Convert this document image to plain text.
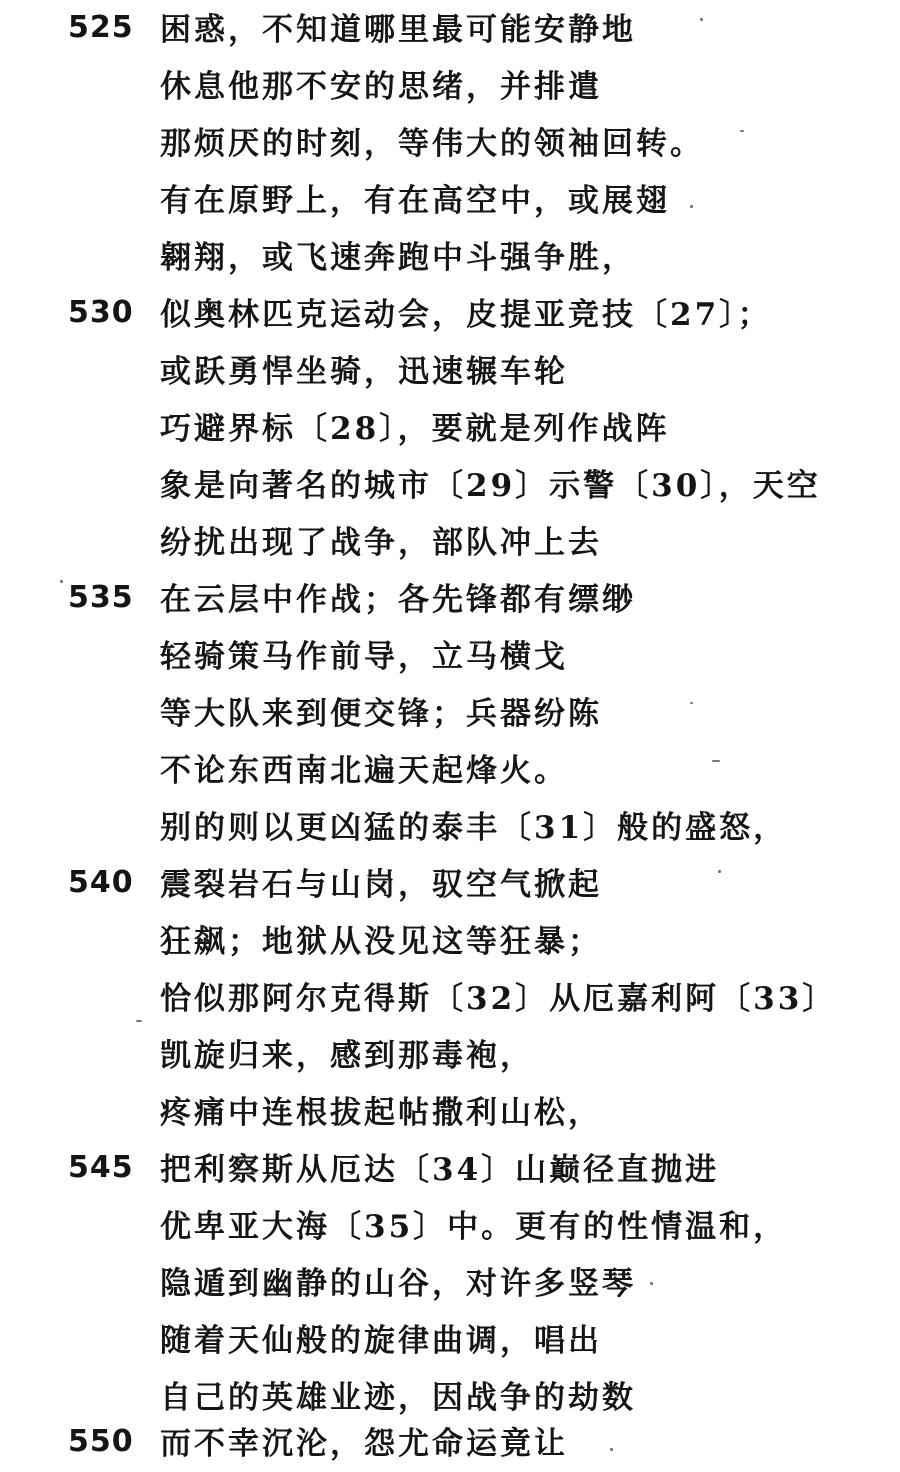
525 困惑，不知道哪里最可能安静地
休息他那不安的思绪，并排遣
那烦厌的时刻，等伟大的领袖回转。
有在原野上，有在高空中，或展翅
翱翔，或飞速奔跑中斗强争胜，
530 似奥林匹克运动会，皮提亚竞技〔27〕；
或跃勇悍坐骑，迅速辗车轮
巧避界标〔28〕，要就是列作战阵
象是向著名的城市〔29〕示警〔30〕，天空
纷扰出现了战争，部队冲上去
535 在云层中作战；各先锋都有缥缈
轻骑策马作前导，立马横戈
等大队来到便交锋；兵器纷陈
不论东西南北遍天起烽火。
别的则以更凶猛的泰丰〔31〕般的盛怒，
540 震裂岩石与山岗，驭空气掀起
狂飙；地狱从没见这等狂暴；
恰似那阿尔克得斯〔32〕从厄嘉利阿〔33〕
凯旋归来，感到那毒袍，
疼痛中连根拔起帖撒利山松，
545 把利察斯从厄达〔34〕山巅径直抛进
优卑亚大海〔35〕中。更有的性情温和，
隐遁到幽静的山谷，对许多竖琴
随着天仙般的旋律曲调，唱出
自己的英雄业迹，因战争的劫数
550 而不幸沉沦，怨尤命运竟让
